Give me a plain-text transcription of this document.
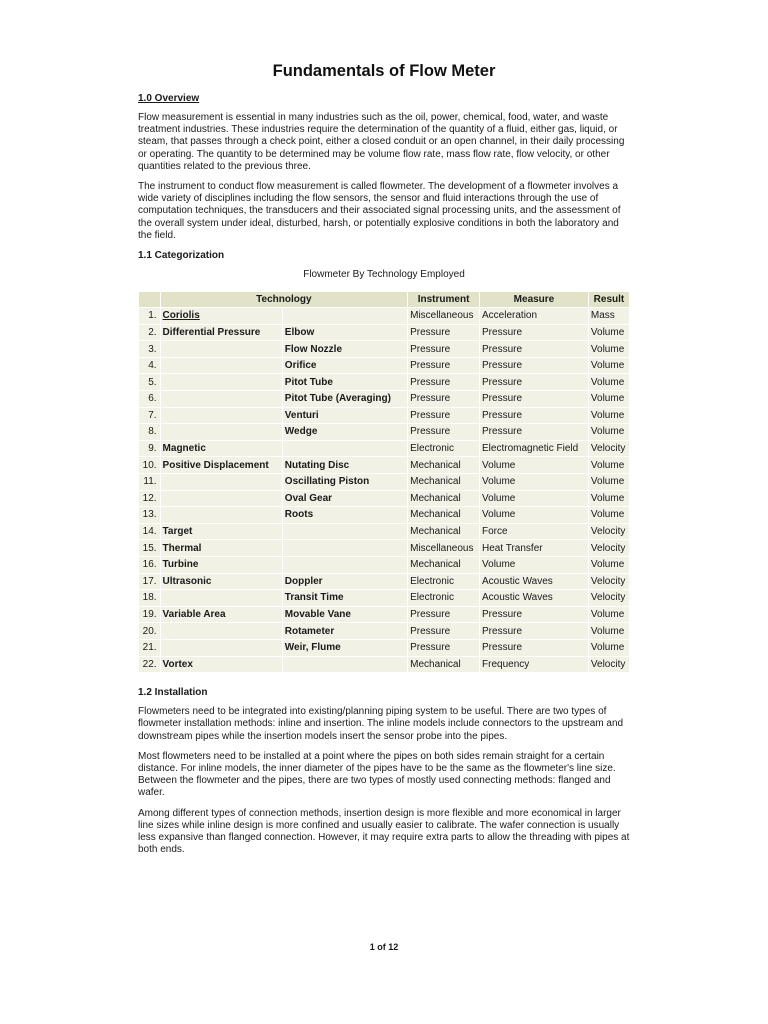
Fundamentals of Flow Meter
1.0 Overview

Flow measurement is essential in many industries such as the oil, power, chemical, food, water, and waste treatment industries. These industries require the determination of the quantity of a fluid, either gas, liquid, or steam, that passes through a check point, either a closed conduit or an open channel, in their daily processing or operating. The quantity to be determined may be volume flow rate, mass flow rate, flow velocity, or other quantities related to the previous three.

The instrument to conduct flow measurement is called flowmeter. The development of a flowmeter involves a wide variety of disciplines including the flow sensors, the sensor and fluid interactions through the use of computation techniques, the transducers and their associated signal processing units, and the assessment of the overall system under ideal, disturbed, harsh, or potentially explosive conditions in both the laboratory and the field.

1.1 Categorization
Flowmeter By Technology Employed
	Technology		Instrument	Measure	Result
1.	Coriolis		Miscellaneous	Acceleration	Mass
2.	Differential Pressure	Elbow	Pressure	Pressure	Volume
3.		Flow Nozzle	Pressure	Pressure	Volume
4.		Orifice	Pressure	Pressure	Volume
5.		Pitot Tube	Pressure	Pressure	Volume
6.		Pitot Tube (Averaging)	Pressure	Pressure	Volume
7.		Venturi	Pressure	Pressure	Volume
8.		Wedge	Pressure	Pressure	Volume
9.	Magnetic		Electronic	Electromagnetic Field	Velocity
10.	Positive Displacement	Nutating Disc	Mechanical	Volume	Volume
11.		Oscillating Piston	Mechanical	Volume	Volume
12.		Oval Gear	Mechanical	Volume	Volume
13.		Roots	Mechanical	Volume	Volume
14.	Target		Mechanical	Force	Velocity
15.	Thermal		Miscellaneous	Heat Transfer	Velocity
16.	Turbine		Mechanical	Volume	Volume
17.	Ultrasonic	Doppler	Electronic	Acoustic Waves	Velocity
18.		Transit Time	Electronic	Acoustic Waves	Velocity
19.	Variable Area	Movable Vane	Pressure	Pressure	Volume
20.		Rotameter	Pressure	Pressure	Volume
21.		Weir, Flume	Pressure	Pressure	Volume
22.	Vortex		Mechanical	Frequency	Velocity
1.2 Installation

Flowmeters need to be integrated into existing/planning piping system to be useful. There are two types of flowmeter installation methods: inline and insertion. The inline models include connectors to the upstream and downstream pipes while the insertion models insert the sensor probe into the pipes.

Most flowmeters need to be installed at a point where the pipes on both sides remain straight for a certain distance. For inline models, the inner diameter of the pipes have to be the same as the flowmeter's line size. Between the flowmeter and the pipes, there are two types of mostly used connecting methods: flanged and wafer.

Among different types of connection methods, insertion design is more flexible and more economical in larger line sizes while inline design is more confined and usually easier to calibrate. The wafer connection is usually less expansive than flanged connection. However, it may require extra parts to allow the threading with pipes at both ends.

1 of 12
